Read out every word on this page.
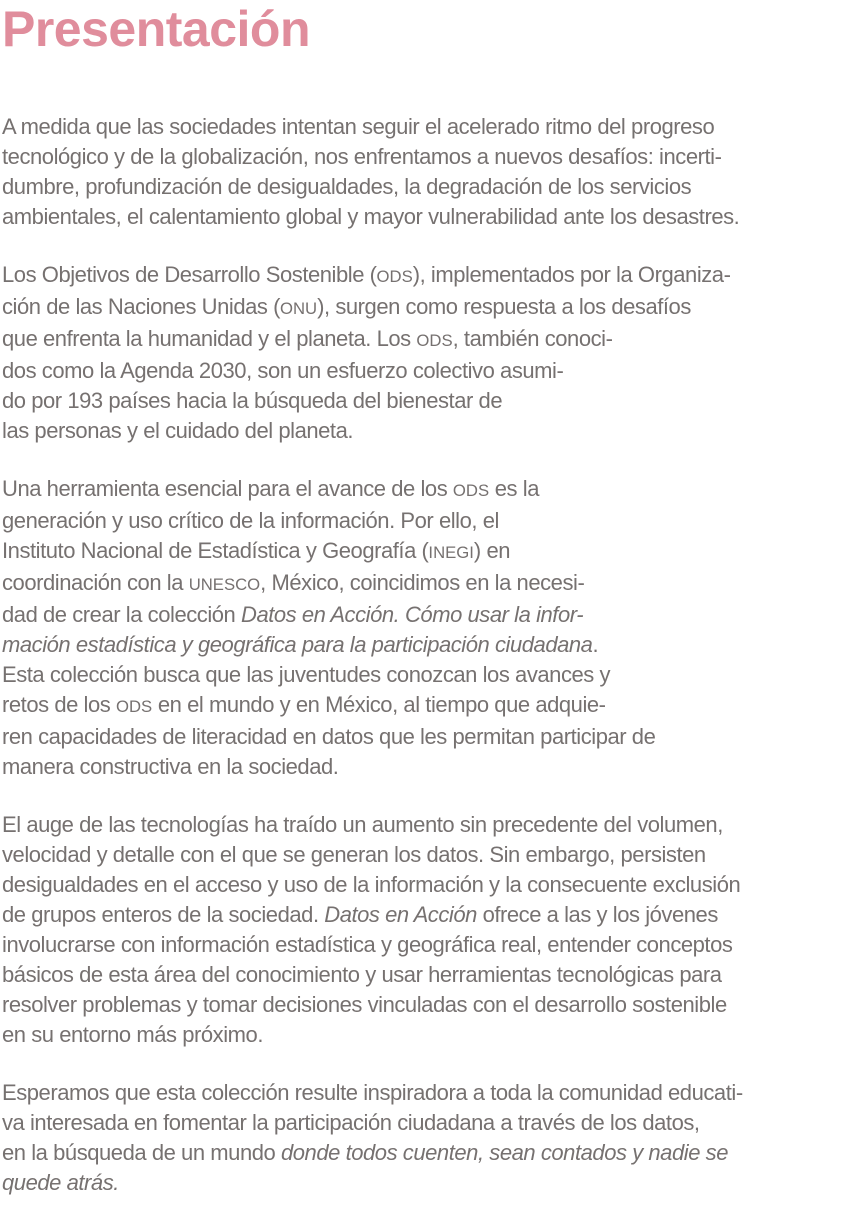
Presentación

A medida que las sociedades intentan seguir el acelerado ritmo del progreso
tecnológico y de la globalización, nos enfrentamos a nuevos desafíos: incerti-
dumbre, profundización de desigualdades, la degradación de los servicios
ambientales, el calentamiento global y mayor vulnerabilidad ante los desastres.

Los Objetivos de Desarrollo Sostenible (ODS), implementados por la Organiza-
ción de las Naciones Unidas (ONU), surgen como respuesta a los desafíos
que enfrenta la humanidad y el planeta. Los ODS, también conoci-
dos como la Agenda 2030, son un esfuerzo colectivo asumi-
do por 193 países hacia la búsqueda del bienestar de
las personas y el cuidado del planeta.

Una herramienta esencial para el avance de los ODS es la
generación y uso crítico de la información. Por ello, el
Instituto Nacional de Estadística y Geografía (INEGI) en
coordinación con la UNESCO, México, coincidimos en la necesi-
dad de crear la colección Datos en Acción. Cómo usar la infor-
mación estadística y geográfica para la participación ciudadana.
Esta colección busca que las juventudes conozcan los avances y
retos de los ODS en el mundo y en México, al tiempo que adquie-
ren capacidades de literacidad en datos que les permitan participar de
manera constructiva en la sociedad.

El auge de las tecnologías ha traído un aumento sin precedente del volumen,
velocidad y detalle con el que se generan los datos. Sin embargo, persisten
desigualdades en el acceso y uso de la información y la consecuente exclusión
de grupos enteros de la sociedad. Datos en Acción ofrece a las y los jóvenes
involucrarse con información estadística y geográfica real, entender conceptos
básicos de esta área del conocimiento y usar herramientas tecnológicas para
resolver problemas y tomar decisiones vinculadas con el desarrollo sostenible
en su entorno más próximo.

Esperamos que esta colección resulte inspiradora a toda la comunidad educati-
va interesada en fomentar la participación ciudadana a través de los datos,
en la búsqueda de un mundo donde todos cuenten, sean contados y nadie se
quede atrás.
